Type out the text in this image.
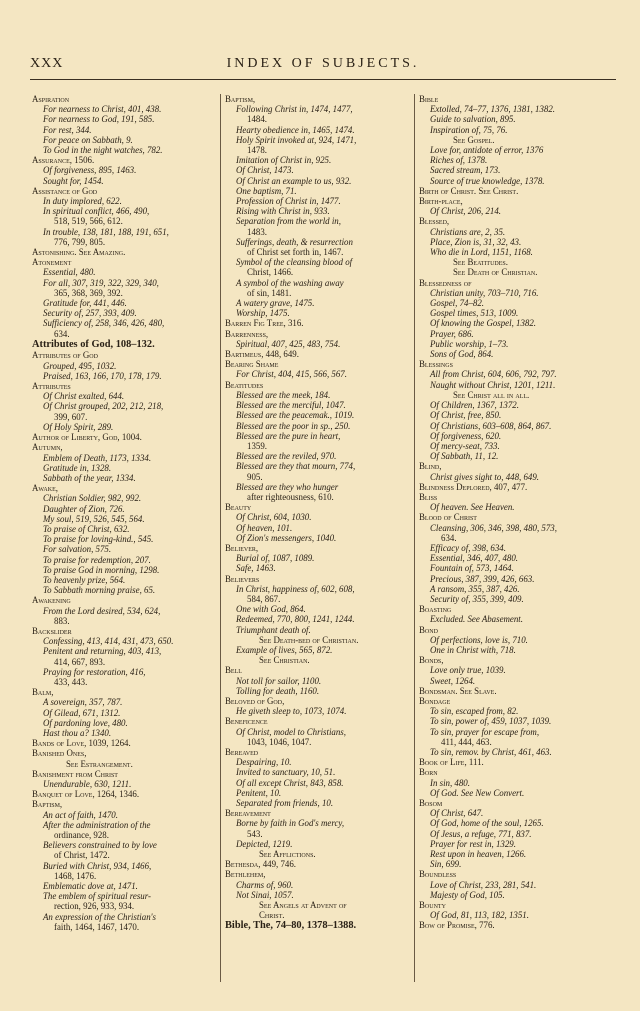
XXX	INDEX OF SUBJECTS.

Aspiration

For nearness to Christ, 401, 438.

For nearness to God, 191, 585.

For rest, 344.

For peace on Sabbath, 9.

To God in the night watches, 782.

Assurance, 1506.

Of forgiveness, 895, 1463.

Sought for, 1454.

Assistance of God

In duty implored, 622.

In spiritual conflict, 466, 490,

518, 519, 566, 612.

In trouble, 138, 181, 188, 191, 651,

776, 799, 805.

Astonishing. See Amazing.

Atonement

Essential, 480.

For all, 307, 319, 322, 329, 340,

365, 368, 369, 392.

Gratitude for, 441, 446.

Security of, 257, 393, 409.

Sufficiency of, 258, 346, 426, 480,

634.

Attributes of God, 108–132.

Attributes of God

Grouped, 495, 1032.

Praised, 163, 166, 170, 178, 179.

Attributes

Of Christ exalted, 644.

Of Christ grouped, 202, 212, 218,

399, 607.

Of Holy Spirit, 289.

Author of Liberty, God, 1004.

Autumn,

Emblem of Death, 1173, 1334.

Gratitude in, 1328.

Sabbath of the year, 1334.

Awake,

Christian Soldier, 982, 992.

Daughter of Zion, 726.

My soul, 519, 526, 545, 564.

To praise of Christ, 632.

To praise for loving-kind., 545.

For salvation, 575.

To praise for redemption, 207.

To praise God in morning, 1298.

To heavenly prize, 564.

To Sabbath morning praise, 65.

Awakening

From the Lord desired, 534, 624,

883.

Backslider

Confessing, 413, 414, 431, 473, 650.

Penitent and returning, 403, 413,

414, 667, 893.

Praying for restoration, 416,

433, 443.

Balm,

A sovereign, 357, 787.

Of Gilead, 671, 1312.

Of pardoning love, 480.

Hast thou a? 1340.

Bands of Love, 1039, 1264.

Banished Ones,

See Estrangement.

Banishment from Christ

Unendurable, 630, 1211.

Banquet of Love, 1264, 1346.

Baptism,

An act of faith, 1470.

After the administration of the

ordinance, 928.

Believers constrained to by love

of Christ, 1472.

Buried with Christ, 934, 1466,

1468, 1476.

Emblematic dove at, 1471.

The emblem of spiritual resur-

rection, 926, 933, 934.

An expression of the Christian's

faith, 1464, 1467, 1470.

Baptism,

Following Christ in, 1474, 1477,

1484.

Hearty obedience in, 1465, 1474.

Holy Spirit invoked at, 924, 1471,

1478.

Imitation of Christ in, 925.

Of Christ, 1473.

Of Christ an example to us, 932.

One baptism, 71.

Profession of Christ in, 1477.

Rising with Christ in, 933.

Separation from the world in,

1483.

Sufferings, death, & resurrection

of Christ set forth in, 1467.

Symbol of the cleansing blood of

Christ, 1466.

A symbol of the washing away

of sin, 1481.

A watery grave, 1475.

Worship, 1475.

Barren Fig Tree, 316.

Barrenness,

Spiritual, 407, 425, 483, 754.

Bartimeus, 448, 649.

Bearing Shame

For Christ, 404, 415, 566, 567.

Beatitudes

Blessed are the meek, 184.

Blessed are the merciful, 1047.

Blessed are the peacemak., 1019.

Blessed are the poor in sp., 250.

Blessed are the pure in heart,

1359.

Blessed are the reviled, 970.

Blessed are they that mourn, 774,

905.

Blessed are they who hunger

after righteousness, 610.

Beauty

Of Christ, 604, 1030.

Of heaven, 101.

Of Zion's messengers, 1040.

Believer,

Burial of, 1087, 1089.

Safe, 1463.

Believers

In Christ, happiness of, 602, 608,

584, 867.

One with God, 864.

Redeemed, 770, 800, 1241, 1244.

Triumphant death of.

See Death-bed of Christian.

Example of lives, 565, 872.

See Christian.

Bell

Not toll for sailor, 1100.

Tolling for death, 1160.

Beloved of God,

He giveth sleep to, 1073, 1074.

Beneficence

Of Christ, model to Christians,

1043, 1046, 1047.

Bereaved

Despairing, 10.

Invited to sanctuary, 10, 51.

Of all except Christ, 843, 858.

Penitent, 10.

Separated from friends, 10.

Bereavement

Borne by faith in God's mercy,

543.

Depicted, 1219.

See Afflictions.

Bethesda, 449, 746.

Bethlehem,

Charms of, 960.

Not Sinai, 1057.

See Angels at Advent of

Christ.

Bible, The, 74–80, 1378–1388.

Bible

Extolled, 74–77, 1376, 1381, 1382.

Guide to salvation, 895.

Inspiration of, 75, 76.

See Gospel.

Love for, antidote of error, 1376

Riches of, 1378.

Sacred stream, 173.

Source of true knowledge, 1378.

Birth of Christ. See Christ.

Birth-place,

Of Christ, 206, 214.

Blessed,

Christians are, 2, 35.

Place, Zion is, 31, 32, 43.

Who die in Lord, 1151, 1168.

See Beatitudes.

See Death of Christian.

Blessedness of

Christian unity, 703–710, 716.

Gospel, 74–82.

Gospel times, 513, 1009.

Of knowing the Gospel, 1382.

Prayer, 686.

Public worship, 1–73.

Sons of God, 864.

Blessings

All from Christ, 604, 606, 792, 797.

Naught without Christ, 1201, 1211.

See Christ all in all.

Of Children, 1367, 1372.

Of Christ, free, 850.

Of Christians, 603–608, 864, 867.

Of forgiveness, 620.

Of mercy-seat, 733.

Of Sabbath, 11, 12.

Blind,

Christ gives sight to, 448, 649.

Blindness Deplored, 407, 477.

Bliss

Of heaven. See Heaven.

Blood of Christ

Cleansing, 306, 346, 398, 480, 573,

634.

Efficacy of, 398, 634.

Essential, 346, 407, 480.

Fountain of, 573, 1464.

Precious, 387, 399, 426, 663.

A ransom, 355, 387, 426.

Security of, 355, 399, 409.

Boasting

Excluded. See Abasement.

Bond

Of perfections, love is, 710.

One in Christ with, 718.

Bonds,

Love only true, 1039.

Sweet, 1264.

Bondsman. See Slave.

Bondage

To sin, escaped from, 82.

To sin, power of, 459, 1037, 1039.

To sin, prayer for escape from,

411, 444, 463.

To sin, remov. by Christ, 461, 463.

Book of Life, 111.

Born

In sin, 480.

Of God. See New Convert.

Bosom

Of Christ, 647.

Of God, home of the soul, 1265.

Of Jesus, a refuge, 771, 837.

Prayer for rest in, 1329.

Rest upon in heaven, 1266.

Sin, 699.

Boundless

Love of Christ, 233, 281, 541.

Majesty of God, 105.

Bounty

Of God, 81, 113, 182, 1351.

Bow of Promise, 776.
